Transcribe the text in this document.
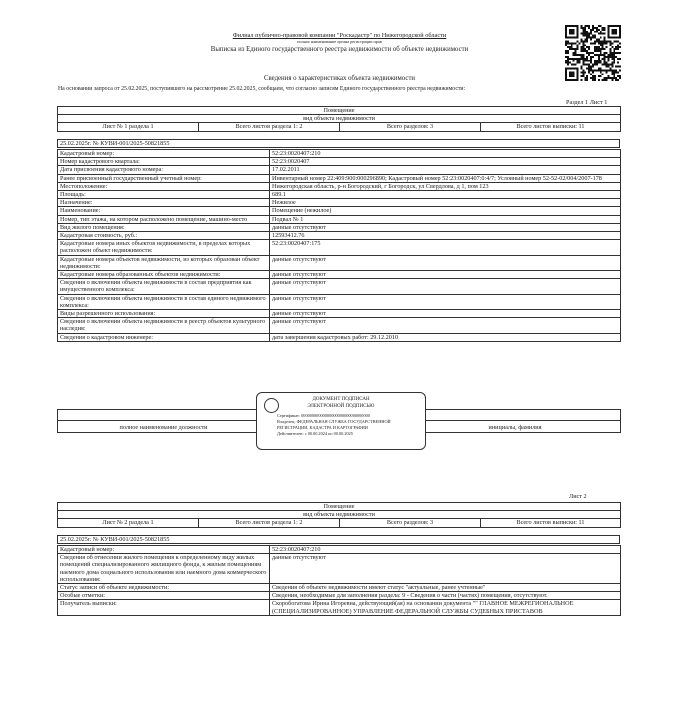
Филиал публично-правовой компании "Роскадастр" по Нижегородской области
полное наименование органа регистрации прав
Выписка из Единого государственного реестра недвижимости об объекте недвижимости
Сведения о характеристиках объекта недвижимости
На основании запроса от 25.02.2025, поступившего на рассмотрение 25.02.2025, сообщаем, что согласно записям Единого государственного реестра недвижимости:
Раздел 1 Лист 1
Помещение
вид объекта недвижимости
Лист № 1 раздела 1	Всего листов раздела 1: 2	Всего разделов: 3	Всего листов выписки: 11
25.02.2025г. № КУВИ-001/2025-50821855
Кадастровый номер:	52:23:0020407:210
Номер кадастрового квартала:	52:23:0020407
Дата присвоения кадастрового номера:	17.02.2011
Ранее присвоенный государственный учетный номер:	Инвентарный номер 22:409:900:000296890; Кадастровый номер 52:23:0020407:0:4/7; Условный номер 52-52-02/004/2007-178
Местоположение:	Нижегородская область, р-н Богородский, г Богородск, ул Свердлова, д 1, пом 123
Площадь:	689.1
Назначение:	Нежилое
Наименование:	Помещение (нежилое)
Номер, тип этажа, на котором расположено помещение, машино-место	Подвал № 1
Вид жилого помещения:	данные отсутствуют
Кадастровая стоимость, руб.:	12593412.76
Кадастровые номера иных объектов недвижимости, в пределах которых расположен объект недвижимости:	52:23:0020407:175
Кадастровые номера объектов недвижимости, из которых образован объект недвижимости:	данные отсутствуют
Кадастровые номера образованных объектов недвижимости:	данные отсутствуют
Сведения о включении объекта недвижимости в состав предприятия как имущественного комплекса:	данные отсутствуют
Сведения о включении объекта недвижимости в состав единого недвижимого комплекса:	данные отсутствуют
Виды разрешенного использования:	данные отсутствуют
Сведения о включении объекта недвижимости в реестр объектов культурного наследия:	данные отсутствуют
Сведения о кадастровом инженере:	дата завершения кадастровых работ: 29.12.2010

полное наименование должности		инициалы, фамилия
ДОКУМЕНТ ПОДПИСАН
ЭЛЕКТРОННОЙ ПОДПИСЬЮ
Сертификат: 00000000000000000000000000000000
Владелец: ФЕДЕРАЛЬНАЯ СЛУЖБА ГОСУДАРСТВЕННОЙ
РЕГИСТРАЦИИ, КАДАСТРА И КАРТОГРАФИИ
Действителен: с 00.00.2024 по 00.00.2025
Лист 2
Помещение
вид объекта недвижимости
Лист № 2 раздела 1	Всего листов раздела 1: 2	Всего разделов: 3	Всего листов выписки: 11
25.02.2025г. № КУВИ-001/2025-50821855
Кадастровый номер:	52:23:0020407:210
Сведения об отнесении жилого помещения к определенному виду жилых помещений специализированного жилищного фонда, к жилым помещениям наемного дома социального использования или наемного дома коммерческого использования:	данные отсутствуют
Статус записи об объекте недвижимости:	Сведения об объекте недвижимости имеют статус "актуальные, ранее учтенные"
Особые отметки:	Сведения, необходимые для заполнения раздела: 9 - Сведения о части (частях) помещения, отсутствуют.
Получатель выписки:	Скоробогатова Ирина Игоревна, действующий(ая) на основании документа "" ГЛАВНОЕ МЕЖРЕГИОНАЛЬНОЕ (СПЕЦИАЛИЗИРОВАННОЕ) УПРАВЛЕНИЕ ФЕДЕРАЛЬНОЙ СЛУЖБЫ СУДЕБНЫХ ПРИСТАВОВ
